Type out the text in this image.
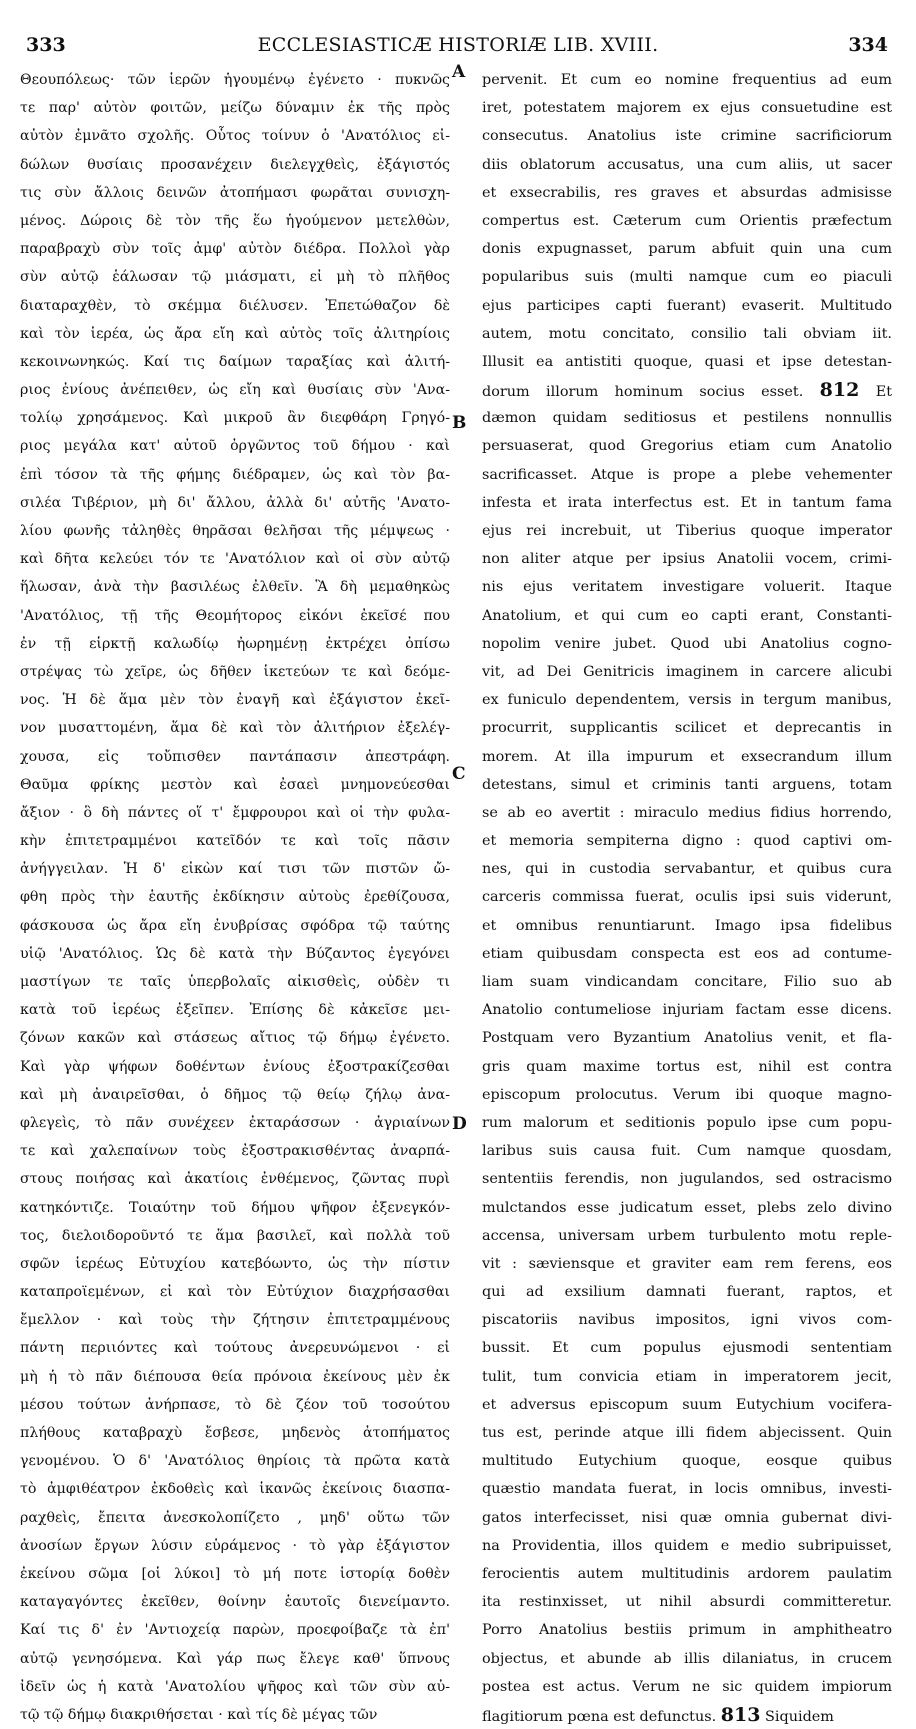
333	ECCLESIASTICÆ HISTORIÆ LIB. XVIII.	334
Θεουπόλεως· τῶν ἱερῶν ἡγουμένῳ ἐγένετο · πυκνῶς
τε παρ' αὐτὸν φοιτῶν, μείζω δύναμιν ἐκ τῆς πρὸς
αὐτὸν ἐμνᾶτο σχολῆς. Οὗτος τοίνυν ὁ 'Ανατόλιος εἰ-
δώλων θυσίαις προσανέχειν διελεγχθεὶς, ἐξάγιστός
τις σὺν ἄλλοις δεινῶν ἀτοπήμασι φωρᾶται συνισχη-
μένος. Δώροις δὲ τὸν τῆς ἕω ἡγούμενον μετελθὼν,
παραβραχὺ σὺν τοῖς ἀμφ' αὐτὸν διέδρα. Πολλοὶ γὰρ
σὺν αὐτῷ ἑάλωσαν τῷ μιάσματι, εἰ μὴ τὸ πλῆθος
διαταραχθὲν, τὸ σκέμμα διέλυσεν. Ἐπετώθαζον δὲ
καὶ τὸν ἱερέα, ὡς ἄρα εἴη καὶ αὐτὸς τοῖς ἀλιτηρίοις
κεκοινωνηκώς. Καί τις δαίμων ταραξίας καὶ ἀλιτή-
ριος ἐνίους ἀνέπειθεν, ὡς εἴη καὶ θυσίαις σὺν 'Ανα-
τολίῳ χρησάμενος. Καὶ μικροῦ ἂν διεφθάρη Γρηγό-
ριος μεγάλα κατ' αὐτοῦ ὀργῶντος τοῦ δήμου · καὶ
ἐπὶ τόσον τὰ τῆς φήμης διέδραμεν, ὡς καὶ τὸν βα-
σιλέα Τιβέριον, μὴ δι' ἄλλου, ἀλλὰ δι' αὐτῆς 'Ανατο-
λίου φωνῆς τἀληθὲς θηρᾶσαι θελῆσαι τῆς μέμψεως ·
καὶ δῆτα κελεύει τόν τε 'Ανατόλιον καὶ οἱ σὺν αὐτῷ
ἥλωσαν, ἀνὰ τὴν βασιλέως ἐλθεῖν. Ἃ δὴ μεμαθηκὼς
'Ανατόλιος, τῇ τῆς Θεομήτορος εἰκόνι ἐκεῖσέ που
ἐν τῇ εἱρκτῇ καλωδίῳ ἠωρημένῃ ἐκτρέχει ὀπίσω
στρέψας τὼ χεῖρε, ὡς δῆθεν ἱκετεύων τε καὶ δεόμε-
νος. Ἡ δὲ ἅμα μὲν τὸν ἐναγῆ καὶ ἐξάγιστον ἐκεῖ-
νον μυσαττομένη, ἅμα δὲ καὶ τὸν ἀλιτήριον ἐξελέγ-
χουσα, εἰς τοὔπισθεν παντάπασιν ἀπεστράφη.
Θαῦμα φρίκης μεστὸν καὶ ἐσαεὶ μνημονεύεσθαι
ἄξιον · ὃ δὴ πάντες οἵ τ' ἔμφρουροι καὶ οἱ τὴν φυλα-
κὴν ἐπιτετραμμένοι κατεῖδόν τε καὶ τοῖς πᾶσιν
ἀνήγγειλαν. Ἡ δ' εἰκὼν καί τισι τῶν πιστῶν ὤ-
φθη πρὸς τὴν ἑαυτῆς ἐκδίκησιν αὐτοὺς ἐρεθίζουσα,
φάσκουσα ὡς ἄρα εἴη ἐνυβρίσας σφόδρα τῷ ταύτης
υἱῷ 'Ανατόλιος. Ὡς δὲ κατὰ τὴν Βύζαντος ἐγεγόνει
μαστίγων τε ταῖς ὑπερβολαῖς αἰκισθεὶς, οὐδὲν τι
κατὰ τοῦ ἱερέως ἐξεῖπεν. Ἐπίσης δὲ κἀκεῖσε μει-
ζόνων κακῶν καὶ στάσεως αἴτιος τῷ δήμῳ ἐγένετο.
Καὶ γὰρ ψήφων δοθέντων ἐνίους ἐξοστρακίζεσθαι
καὶ μὴ ἀναιρεῖσθαι, ὁ δῆμος τῷ θείῳ ζήλῳ ἀνα-
φλεγεὶς, τὸ πᾶν συνέχεεν ἐκταράσσων · ἀγριαίνων
τε καὶ χαλεπαίνων τοὺς ἐξοστρακισθέντας ἀναρπά-
στους ποιήσας καὶ ἀκατίοις ἐνθέμενος, ζῶντας πυρὶ
κατηκόντιζε. Τοιαύτην τοῦ δήμου ψῆφον ἐξενεγκόν-
τος, διελοιδοροῦντό τε ἅμα βασιλεῖ, καὶ πολλὰ τοῦ
σφῶν ἱερέως Εὐτυχίου κατεβόωντο, ὡς τὴν πίστιν
καταπροϊεμένων, εἰ καὶ τὸν Εὐτύχιον διαχρήσασθαι
ἔμελλον · καὶ τοὺς τὴν ζήτησιν ἐπιτετραμμένους
πάντη περιιόντες καὶ τούτους ἀνερευνώμενοι · εἰ
μὴ ἡ τὸ πᾶν διέπουσα θεία πρόνοια ἐκείνους μὲν ἐκ
μέσου τούτων ἀνήρπασε, τὸ δὲ ζέον τοῦ τοσούτου
πλήθους καταβραχὺ ἔσβεσε, μηδενὸς ἀτοπήματος
γενομένου. Ὁ δ' 'Ανατόλιος θηρίοις τὰ πρῶτα κατὰ
τὸ ἀμφιθέατρον ἐκδοθεὶς καὶ ἱκανῶς ἐκείνοις διασπα-
ραχθεὶς, ἔπειτα ἀνεσκολοπίζετο , μηδ' οὕτω τῶν
ἀνοσίων ἔργων λύσιν εὑράμενος · τὸ γὰρ ἐξάγιστον
ἐκείνου σῶμα [οἱ λύκοι] τὸ μή ποτε ἱστορίᾳ δοθὲν
καταγαγόντες ἐκεῖθεν, θοίνην ἑαυτοῖς διενείμαντο.
Καί τις δ' ἐν 'Αντιοχείᾳ παρὼν, προεφοίβαζε τὰ ἐπ'
αὐτῷ γενησόμενα. Καὶ γάρ πως ἔλεγε καθ' ὕπνους
ἰδεῖν ὡς ἡ κατὰ 'Ανατολίου ψῆφος καὶ τῶν σὺν αὐ-
τῷ τῷ δήμῳ διακριθήσεται · καὶ τίς δὲ μέγας τῶν
pervenit. Et cum eo nomine frequentius ad eum
iret, potestatem majorem ex ejus consuetudine est
consecutus. Anatolius iste crimine sacrificiorum
diis oblatorum accusatus, una cum aliis, ut sacer
et exsecrabilis, res graves et absurdas admisisse
compertus est. Cæterum cum Orientis præfectum
donis expugnasset, parum abfuit quin una cum
popularibus suis (multi namque cum eo piaculi
ejus participes capti fuerant) evaserit. Multitudo
autem, motu concitato, consilio tali obviam iit.
Illusit ea antistiti quoque, quasi et ipse detestan-
dorum illorum hominum socius esset. 812 Et
dæmon quidam seditiosus et pestilens nonnullis
persuaserat, quod Gregorius etiam cum Anatolio
sacrificasset. Atque is prope a plebe vehementer
infesta et irata interfectus est. Et in tantum fama
ejus rei increbuit, ut Tiberius quoque imperator
non aliter atque per ipsius Anatolii vocem, crimi-
nis ejus veritatem investigare voluerit. Itaque
Anatolium, et qui cum eo capti erant, Constanti-
nopolim venire jubet. Quod ubi Anatolius cogno-
vit, ad Dei Genitricis imaginem in carcere alicubi
ex funiculo dependentem, versis in tergum manibus,
procurrit, supplicantis scilicet et deprecantis in
morem. At illa impurum et exsecrandum illum
detestans, simul et criminis tanti arguens, totam
se ab eo avertit : miraculo medius fidius horrendo,
et memoria sempiterna digno : quod captivi om-
nes, qui in custodia servabantur, et quibus cura
carceris commissa fuerat, oculis ipsi suis viderunt,
et omnibus renuntiarunt. Imago ipsa fidelibus
etiam quibusdam conspecta est eos ad contume-
liam suam vindicandam concitare, Filio suo ab
Anatolio contumeliose injuriam factam esse dicens.
Postquam vero Byzantium Anatolius venit, et fla-
gris quam maxime tortus est, nihil est contra
episcopum prolocutus. Verum ibi quoque magno-
rum malorum et seditionis populo ipse cum popu-
laribus suis causa fuit. Cum namque quosdam,
sententiis ferendis, non jugulandos, sed ostracismo
mulctandos esse judicatum esset, plebs zelo divino
accensa, universam urbem turbulento motu reple-
vit : sæviensque et graviter eam rem ferens, eos
qui ad exsilium damnati fuerant, raptos, et
piscatoriis navibus impositos, igni vivos com-
bussit. Et cum populus ejusmodi sententiam
tulit, tum convicia etiam in imperatorem jecit,
et adversus episcopum suum Eutychium vocifera-
tus est, perinde atque illi fidem abjecissent. Quin
multitudo Eutychium quoque, eosque quibus
quæstio mandata fuerat, in locis omnibus, investi-
gatos interfecisset, nisi quæ omnia gubernat divi-
na Providentia, illos quidem e medio subripuisset,
ferocientis autem multitudinis ardorem paulatim
ita restinxisset, ut nihil absurdi committeretur.
Porro Anatolius bestiis primum in amphitheatro
objectus, et abunde ab illis dilaniatus, in crucem
postea est actus. Verum ne sic quidem impiorum
flagitiorum pœna est defunctus. 813 Siquidem
A
B
C
D
